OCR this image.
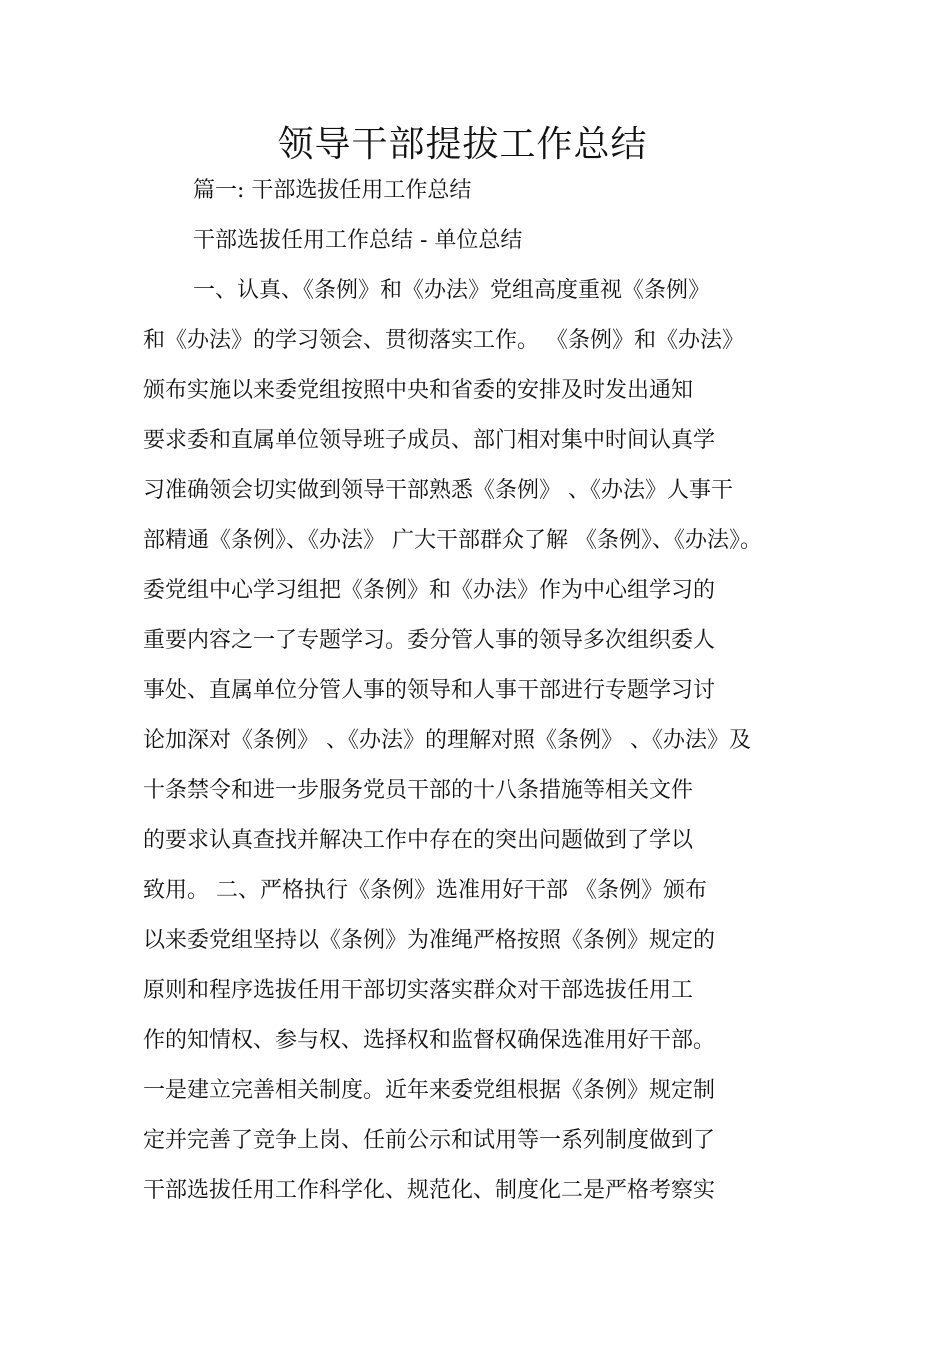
领导干部提拔工作总结
篇一: 干部选拔任用工作总结
干部选拔任用工作总结 - 单位总结
一、认真、《条例》和《办法》党组高度重视《条例》
和《办法》的学习领会、贯彻落实工作。 《条例》和《办法》
颁布实施以来委党组按照中央和省委的安排及时发出通知
要求委和直属单位领导班子成员、部门相对集中时间认真学
习准确领会切实做到领导干部熟悉《条例》 、《办法》人事干
部精通《条例》、《办法》 广大干部群众了解 《条例》、《办法》。
委党组中心学习组把《条例》和《办法》作为中心组学习的
重要内容之一了专题学习。委分管人事的领导多次组织委人
事处、直属单位分管人事的领导和人事干部进行专题学习讨
论加深对《条例》 、《办法》的理解对照《条例》 、《办法》及
十条禁令和进一步服务党员干部的十八条措施等相关文件
的要求认真查找并解决工作中存在的突出问题做到了学以
致用。 二、严格执行《条例》选准用好干部 《条例》颁布
以来委党组坚持以《条例》为准绳严格按照《条例》规定的
原则和程序选拔任用干部切实落实群众对干部选拔任用工
作的知情权、参与权、选择权和监督权确保选准用好干部。
一是建立完善相关制度。近年来委党组根据《条例》规定制
定并完善了竞争上岗、任前公示和试用等一系列制度做到了
干部选拔任用工作科学化、规范化、制度化二是严格考察实
